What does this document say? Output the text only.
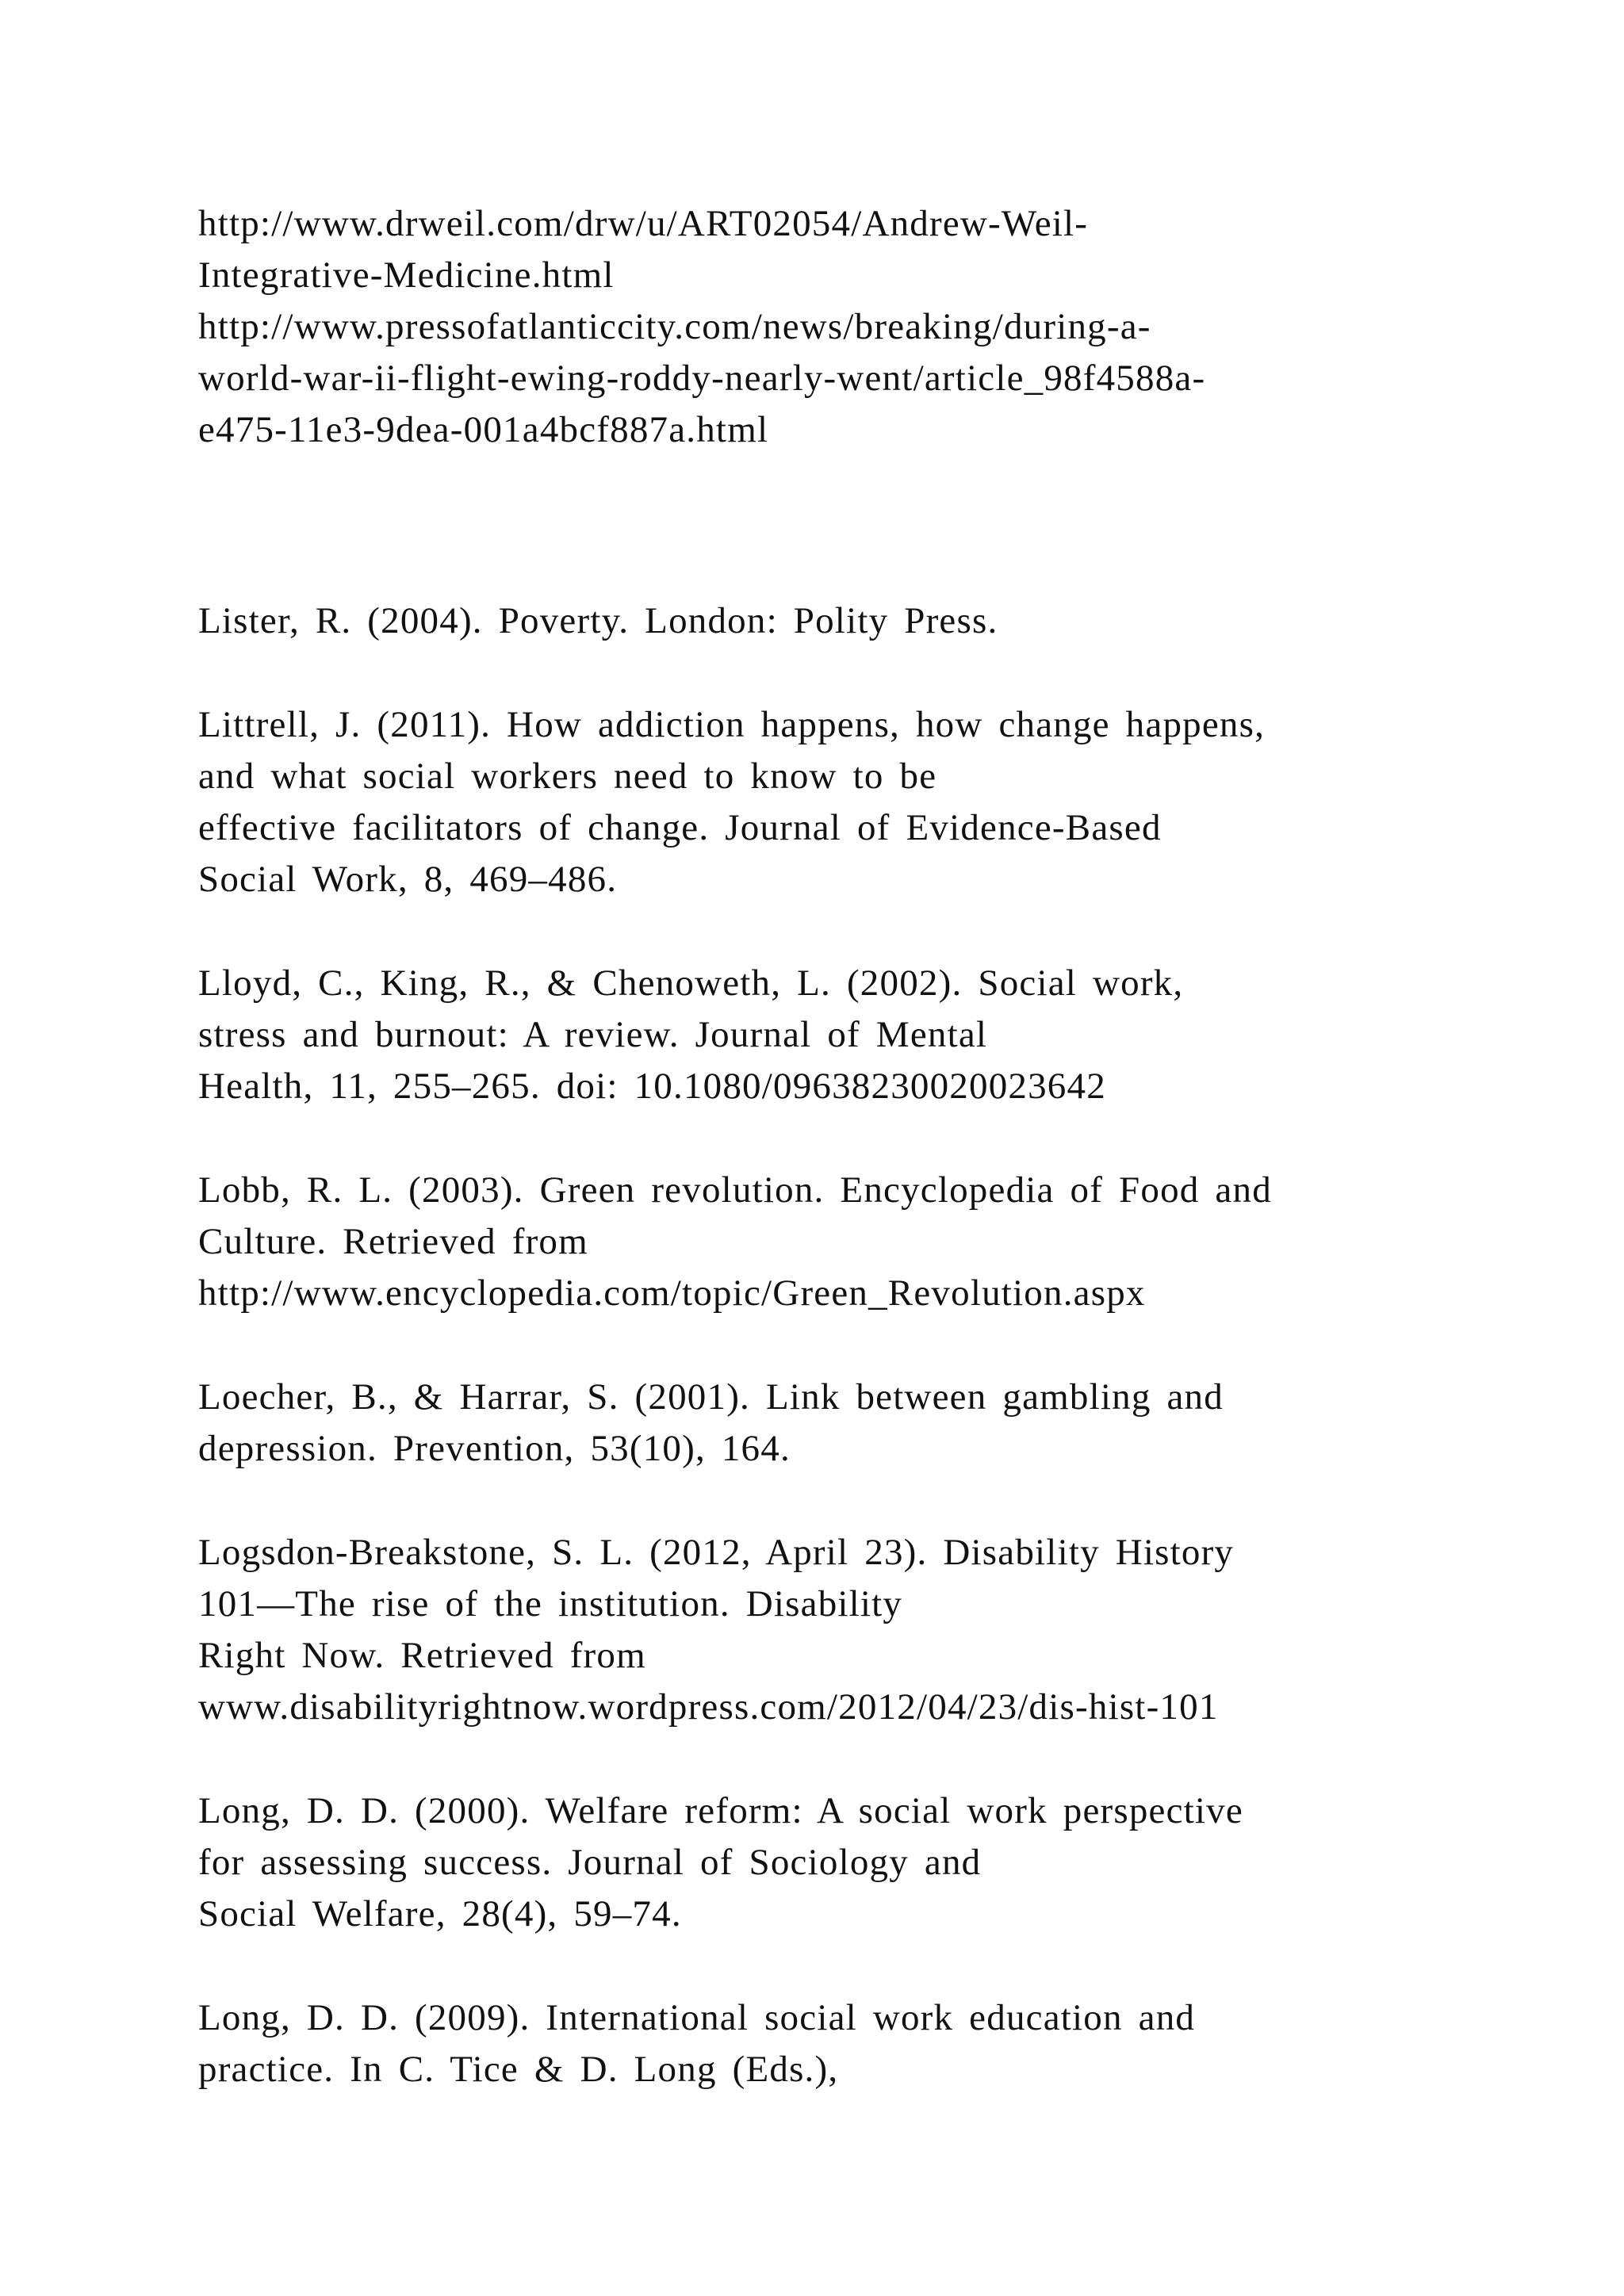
http://www.drweil.com/drw/u/ART02054/Andrew-Weil-
Integrative-Medicine.html
http://www.pressofatlanticcity.com/news/breaking/during-a-
world-war-ii-flight-ewing-roddy-nearly-went/article_98f4588a-
e475-11e3-9dea-001a4bcf887a.html
Lister, R. (2004). Poverty. London: Polity Press.
Littrell, J. (2011). How addiction happens, how change happens,
and what social workers need to know to be
effective facilitators of change. Journal of Evidence-Based
Social Work, 8, 469–486.
Lloyd, C., King, R., & Chenoweth, L. (2002). Social work,
stress and burnout: A review. Journal of Mental
Health, 11, 255–265. doi: 10.1080/09638230020023642
Lobb, R. L. (2003). Green revolution. Encyclopedia of Food and
Culture. Retrieved from
http://www.encyclopedia.com/topic/Green_Revolution.aspx
Loecher, B., & Harrar, S. (2001). Link between gambling and
depression. Prevention, 53(10), 164.
Logsdon-Breakstone, S. L. (2012, April 23). Disability History
101—The rise of the institution. Disability
Right Now. Retrieved from
www.disabilityrightnow.wordpress.com/2012/04/23/dis-hist-101
Long, D. D. (2000). Welfare reform: A social work perspective
for assessing success. Journal of Sociology and
Social Welfare, 28(4), 59–74.
Long, D. D. (2009). International social work education and
practice. In C. Tice & D. Long (Eds.),
